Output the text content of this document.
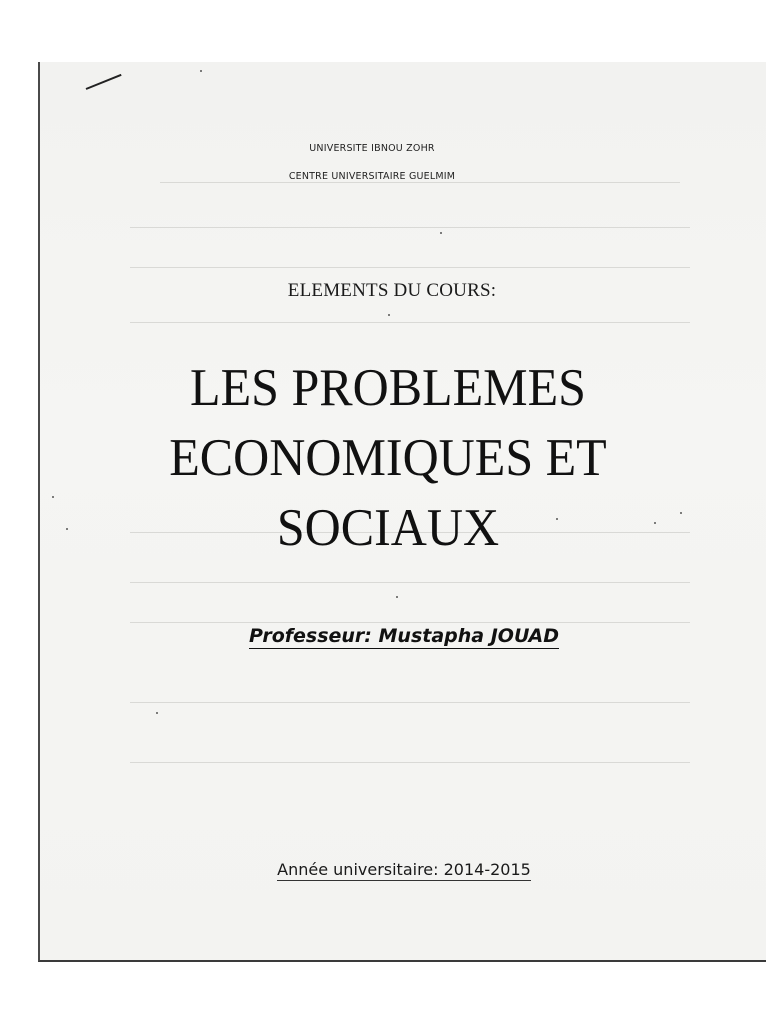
UNIVERSITE IBNOU ZOHR

CENTRE UNIVERSITAIRE GUELMIM

ELEMENTS DU COURS:

LES PROBLEMES
ECONOMIQUES ET
SOCIAUX

Professeur: Mustapha JOUAD

Année universitaire: 2014-2015
